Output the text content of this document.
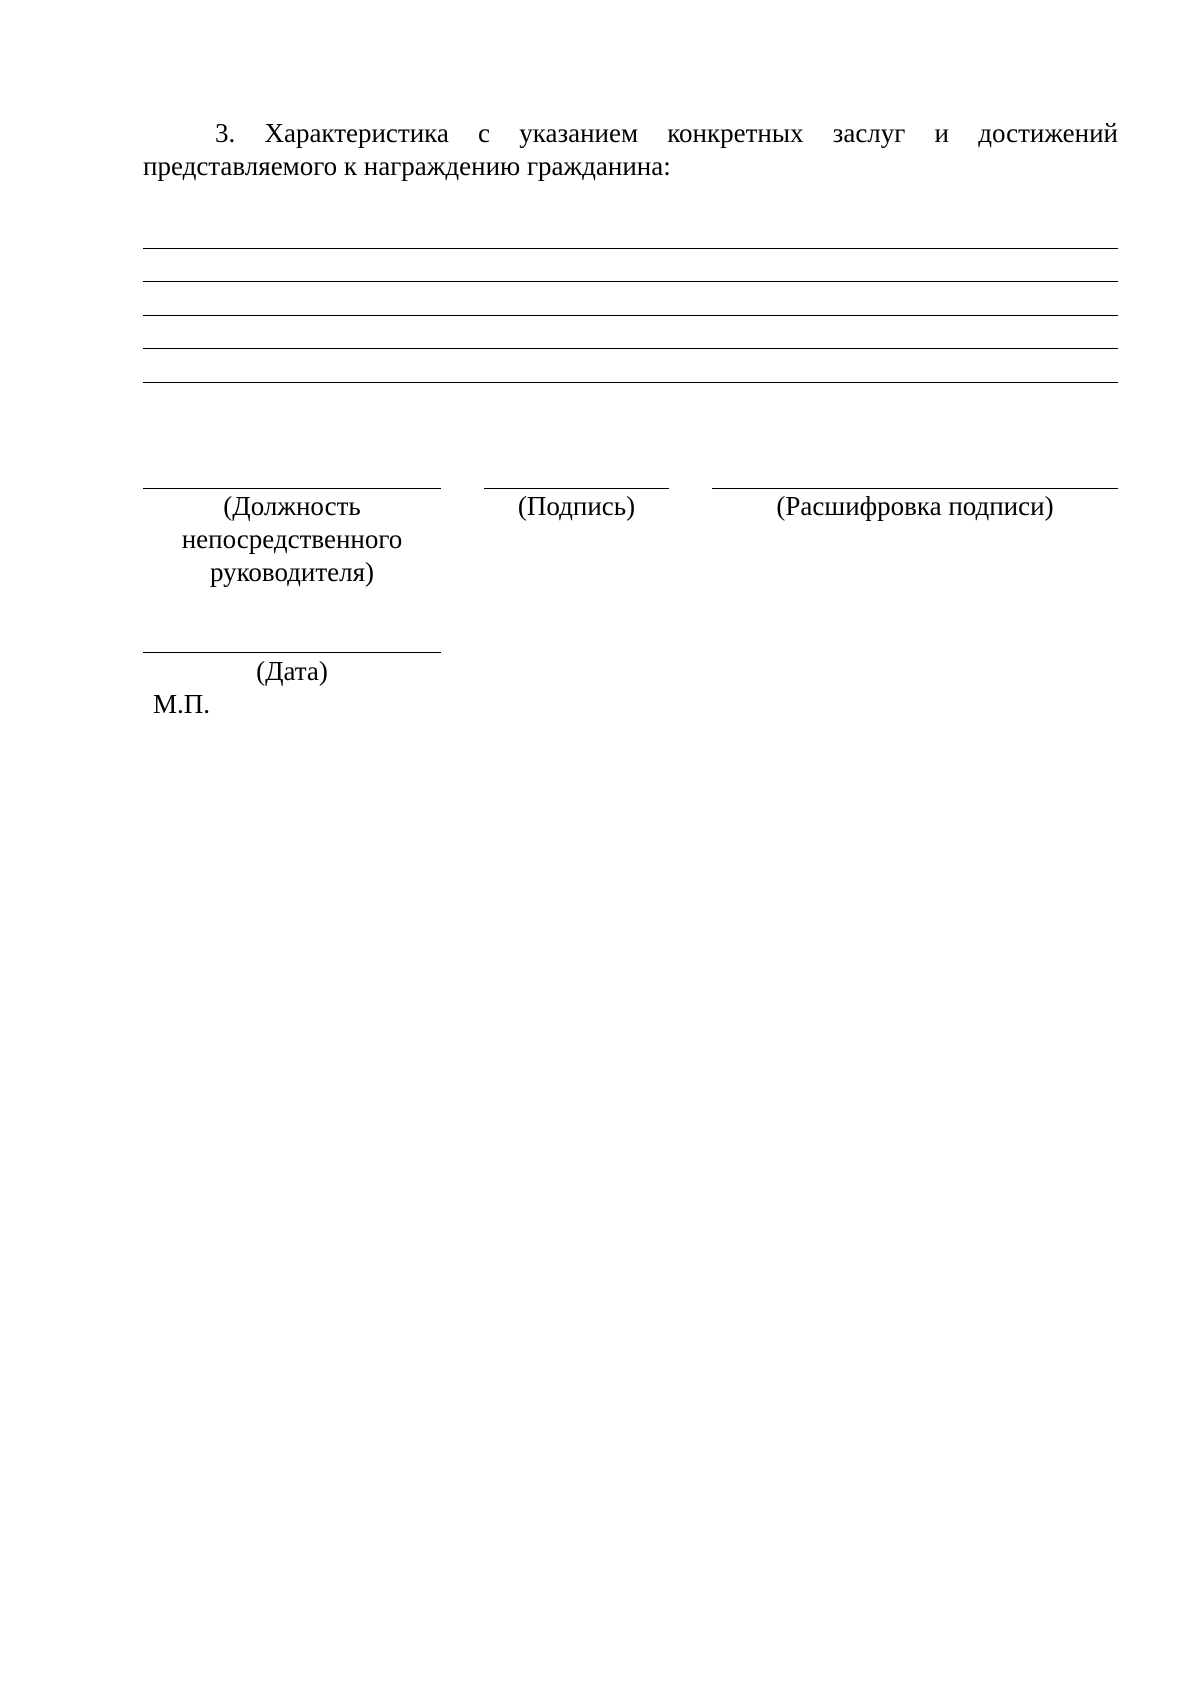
3. Характеристика с указанием конкретных заслуг и достижений
представляемого к награждению гражданина:
(Должность непосредственного руководителя)
(Подпись)	(Расшифровка подписи)
(Дата)
М.П.
